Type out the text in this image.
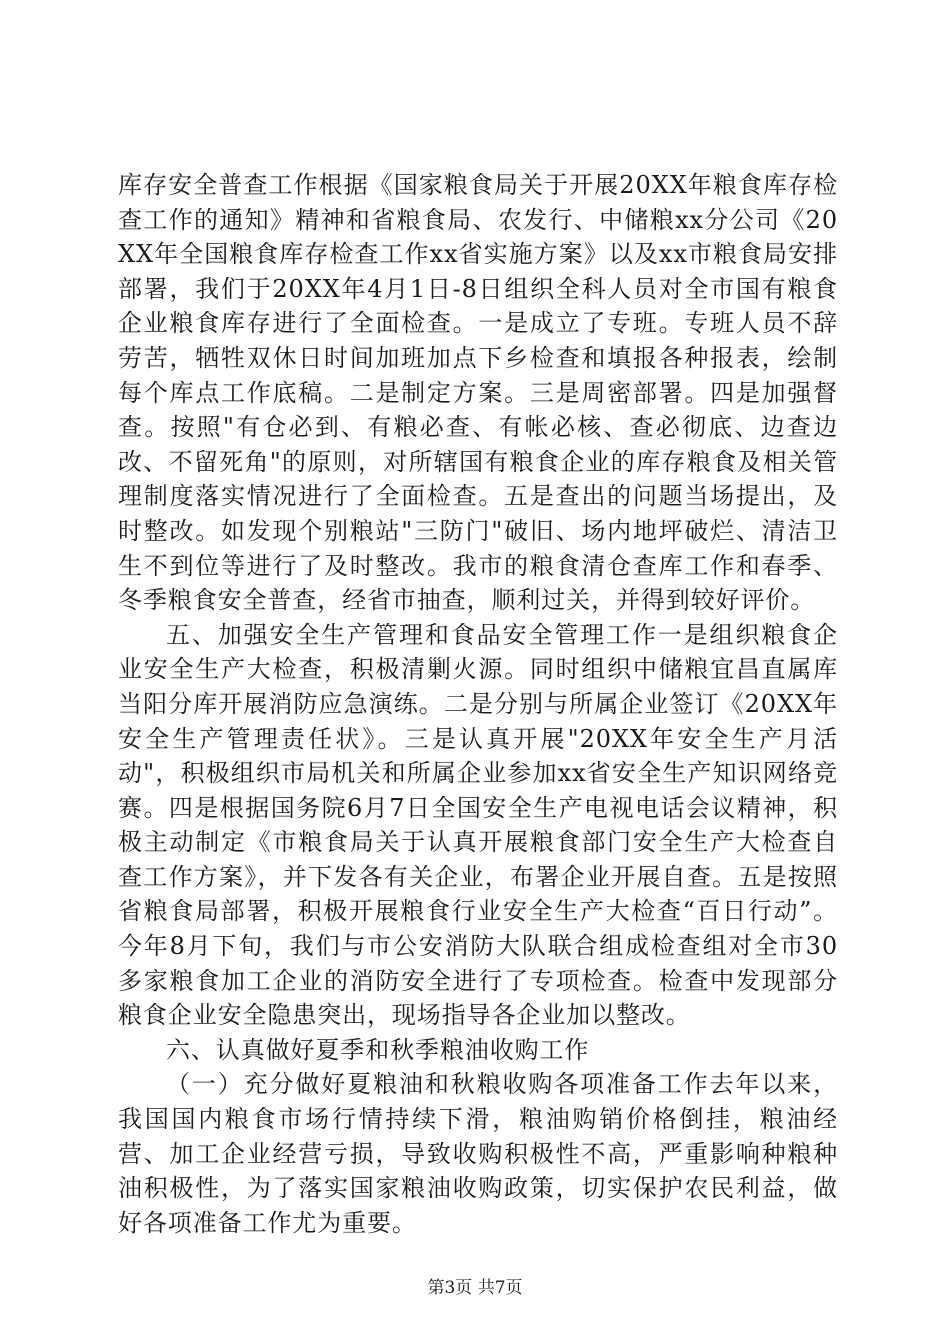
库存安全普查工作根据《国家粮食局关于开展20XX年粮食库存检查工作的通知》精神和省粮食局、农发行、中储粮xx分公司《20XX年全国粮食库存检查工作xx省实施方案》以及xx市粮食局安排部署，我们于20XX年4月1日-8日组织全科人员对全市国有粮食企业粮食库存进行了全面检查。一是成立了专班。专班人员不辞劳苦，牺牲双休日时间加班加点下乡检查和填报各种报表，绘制每个库点工作底稿。二是制定方案。三是周密部署。四是加强督查。按照"有仓必到、有粮必查、有帐必核、查必彻底、边查边改、不留死角"的原则，对所辖国有粮食企业的库存粮食及相关管理制度落实情况进行了全面检查。五是查出的问题当场提出，及时整改。如发现个别粮站"三防门"破旧、场内地坪破烂、清洁卫生不到位等进行了及时整改。我市的粮食清仓查库工作和春季、冬季粮食安全普查，经省市抽查，顺利过关，并得到较好评价。

五、加强安全生产管理和食品安全管理工作一是组织粮食企业安全生产大检查，积极清剿火源。同时组织中储粮宜昌直属库当阳分库开展消防应急演练。二是分别与所属企业签订《20XX年安全生产管理责任状》。三是认真开展"20XX年安全生产月活动"，积极组织市局机关和所属企业参加xx省安全生产知识网络竞赛。四是根据国务院6月7日全国安全生产电视电话会议精神，积极主动制定《市粮食局关于认真开展粮食部门安全生产大检查自查工作方案》，并下发各有关企业，布署企业开展自查。五是按照省粮食局部署，积极开展粮食行业安全生产大检查“百日行动”。今年8月下旬，我们与市公安消防大队联合组成检查组对全市30多家粮食加工企业的消防安全进行了专项检查。检查中发现部分粮食企业安全隐患突出，现场指导各企业加以整改。

六、认真做好夏季和秋季粮油收购工作

（一）充分做好夏粮油和秋粮收购各项准备工作去年以来，我国国内粮食市场行情持续下滑，粮油购销价格倒挂，粮油经营、加工企业经营亏损，导致收购积极性不高，严重影响种粮种油积极性，为了落实国家粮油收购政策，切实保护农民利益，做好各项准备工作尤为重要。

第3页 共7页
